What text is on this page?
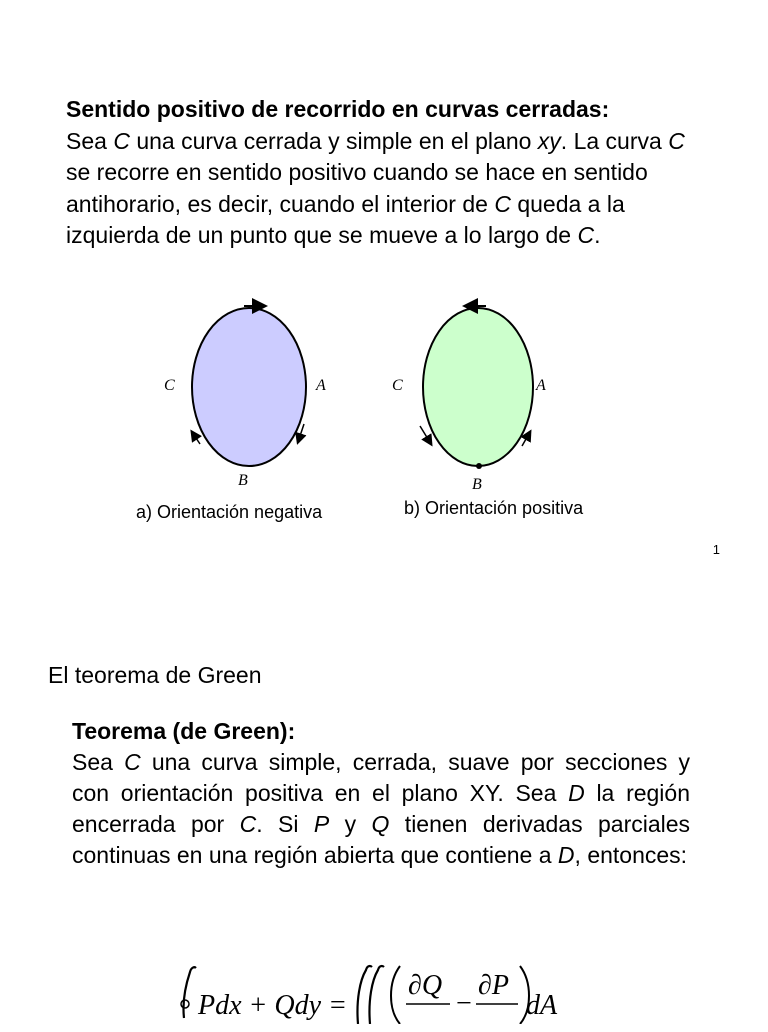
Sentido positivo de recorrido en curvas cerradas:
Sea C una curva cerrada y simple en el plano xy. La curva C se recorre en sentido positivo cuando se hace en sentido antihorario, es decir, cuando el interior de C queda a la izquierda de un punto que se mueve a lo largo de C.
C	A
B
C	A
B
a) Orientación negativa	b) Orientación positiva
1
El teorema de Green
Teorema (de Green):
Sea C una curva simple, cerrada, suave por secciones y con orientación positiva en el plano XY. Sea D la región encerrada por C. Si P y Q tienen derivadas parciales continuas en una región abierta que contiene a D, entonces:
Pdx + Qdy =
∂Q
−
∂P
dA
